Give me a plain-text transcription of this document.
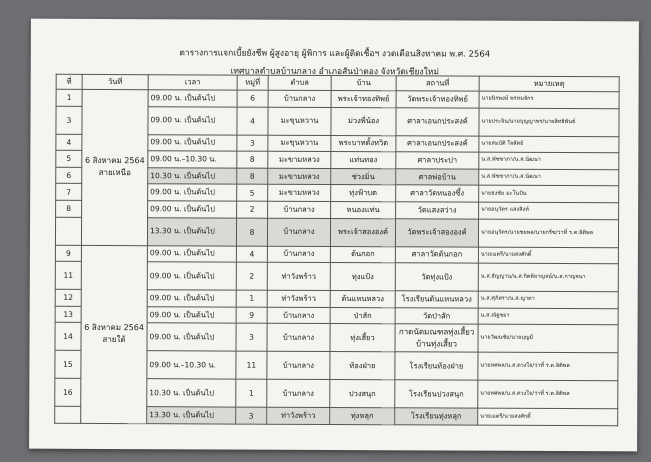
ตารางการแจกเบี้ยยังชีพ ผู้สูงอายุ ผู้พิการ และผู้ติดเชื้อฯ งวดเดือนสิงหาคม พ.ศ. 2564
เทศบาลตำบลบ้านกลาง อำเภอสันป่าตอง จังหวัดเชียงใหม่
ที่	วันที่	เวลา	หมู่ที่	ตำบล	บ้าน	สถานที่	หมายเหตุ
1	6 สิงหาคม 2564 สายเหนือ	09.00 น. เป็นต้นไป	6	บ้านกลาง	พระเจ้าทองทิพย์	วัดพระเจ้าทองทิพย์	นายนิรพงษ์ พรหมจักร
3		09.00 น. เป็นต้นไป	4	มะขุนหวาน	ม่วงพี่น้อง	ศาลาเอนกประสงค์	นายประจิน/นายบุญญาพร/นายสิทธิพันธ์
4		09.00 น. เป็นต้นไป	3	มะขุนหวาน	พระบาทตั้งหวิด	ศาลาเอนกประสงค์	นายสมบัติ ใจสัตย์
5		09.00 น.–10.30 น.	8	มะขามหลวง	แท่นทอง	ศาลาประปา	น.ส.พัชชาภา/น.ส.นัฒนา
6		10.30 น. เป็นต้นไป	8	มะขามหลวง	ช่วงมิ่น	ศาลพ่อบ้าน	น.ส.พัชชาภา/น.ส.นัฒนา
7		09.00 น. เป็นต้นไป	5	มะขามหลวง	ทุ่งฟ้าบด	ศาลาวัดหนองซึ้ง	นายธงชัย มะโนปัน
8		09.00 น. เป็นต้นไป	2	บ้านกลาง	หนองแท่น	วัดแสงสว่าง	นายอนุวัตร แสงสิงห์
		13.30 น. เป็นต้นไป	8	บ้านกลาง	พระเจ้าสององค์	วัดพระเจ้าสององค์	นายอนุวัตร/นายชยพล/นายกรีช/ว่าที่ ร.ต.ลิติพล
9	6 สิงหาคม 2564 สายใต้	09.00 น. เป็นต้นไป	4	บ้านกลาง	ต้นกอก	ศาลาวัดต้นกอก	นายเมตรี/นายสงศักดิ์
11		09.00 น. เป็นต้นไป	2	ท่าวังพร้าว	ทุ่งแป้ง	วัดทุ่งแป้ง	น.ส.ธัญญาน/น.ส.กิตติยาญจน์/น.ส.กาญจนา
12		09.00 น. เป็นต้นไป	1	ท่าวังพร้าว	ต้นแหนหลวง	โรงเรียนต้นแหนหลวง	น.ส.ศุภิสรา/น.ส.ญาดา
13		09.00 น. เป็นต้นไป	9	บ้านกลาง	ป่าสัก	วัดป่าสัก	น.ส.ณัฐชยา
14		09.00 น. เป็นต้นไป	3	บ้านกลาง	ทุ่งเสี้ยว	กาดนัดมณฑลทุ่งเสี้ยว บ้านทุ่งเสี้ยว	นายวัฒนชัย/นายบุญมี
15		09.00 น.–10.30 น.	11	บ้านกลาง	ท้องฝ่าย	โรงเรียนท้องฝ่าย	นายทศพล/น.ส.ดวงใจ/ว่าที่ ร.ต.ลิติพล
16		10.30 น. เป็นต้นไป	1	บ้านกลาง	ปวงสนุก	โรงเรียนปวงสนุก	นายทศพล/น.ส.ดวงใจ/ว่าที่ ร.ต.ลิติพล
		13.30 น. เป็นต้นไป	3	ท่าวังพร้าว	ทุ่งหลุก	โรงเรียนทุ่งหลุก	นายเมตรี/นายสงศักดิ์
